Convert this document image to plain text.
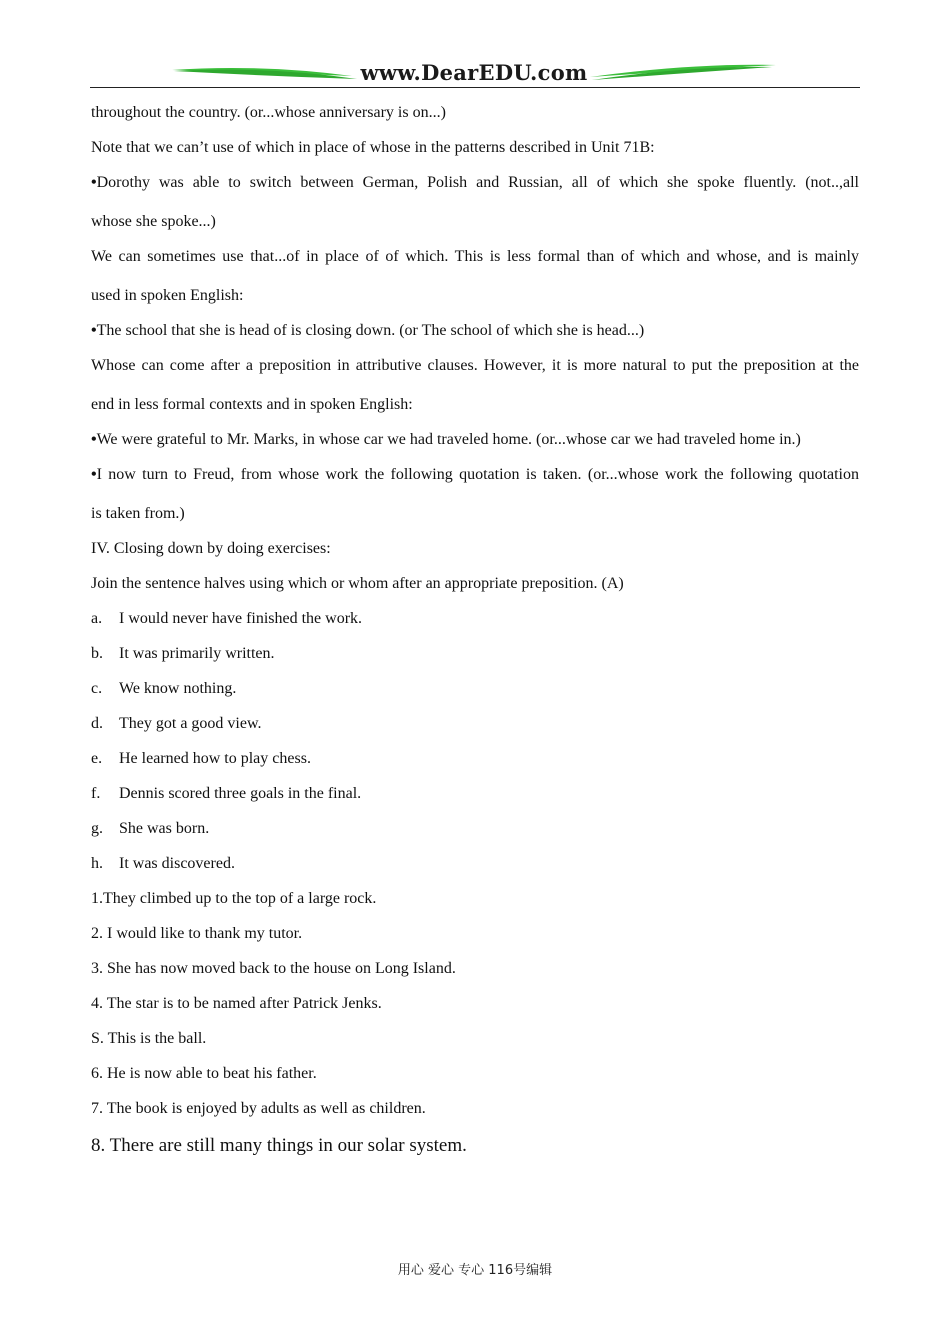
www.DearEDU.com
throughout the country. (or...whose anniversary is on...)
Note that we can’t use of which in place of whose in the patterns described in Unit 71B:
• Dorothy was able to switch between German, Polish and Russian, all of which she spoke fluently. (not..,all
whose she spoke...)
We can sometimes use that...of in place of of which. This is less formal than of which and whose, and is mainly
used in spoken English:
• The school that she is head of is closing down. (or The school of which she is head...)
Whose can come after a preposition in attributive clauses. However, it is more natural to put the preposition at the
end in less formal contexts and in spoken English:
• We were grateful to Mr. Marks, in whose car we had traveled home. (or...whose car we had traveled home in.)
• I now turn to Freud, from whose work the following quotation is taken. (or...whose work the following quotation
is taken from.)
IV. Closing down by doing exercises:
Join the sentence halves using which or whom after an appropriate preposition. (A)
a.	I would never have finished the work.
b.	It was primarily written.
c.	We know nothing.
d.	They got a good view.
e.	He learned how to play chess.
f.	Dennis scored three goals in the final.
g.	She was born.
h.	It was discovered.
1.They climbed up to the top of a large rock.
2. I would like to thank my tutor.
3. She has now moved back to the house on Long Island.
4. The star is to be named after Patrick Jenks.
S. This is the ball.
6. He is now able to beat his father.
7. The book is enjoyed by adults as well as children.
8. There are still many things in our solar system.
用心 爱心 专心 116号编辑
